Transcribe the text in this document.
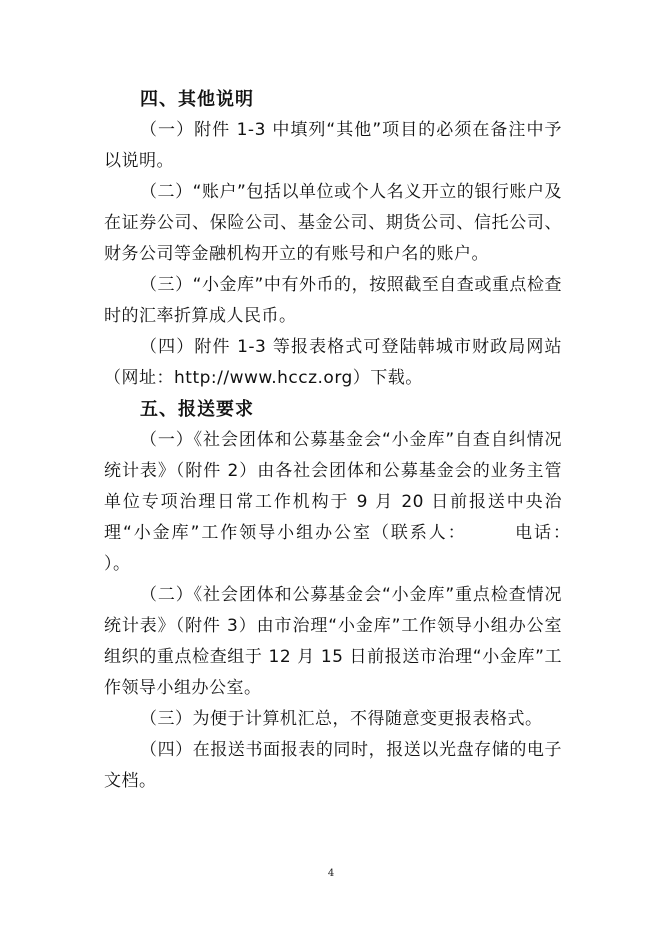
四、其他说明

（一）附件 1-3 中填列“其他”项目的必须在备注中予以说明。

（二）“账户”包括以单位或个人名义开立的银行账户及在证券公司、保险公司、基金公司、期货公司、信托公司、财务公司等金融机构开立的有账号和户名的账户。

（三）“小金库”中有外币的，按照截至自查或重点检查时的汇率折算成人民币。

（四）附件 1-3 等报表格式可登陆韩城市财政局网站（网址：http://www.hccz.org）下载。

五、报送要求

（一）《社会团体和公募基金会“小金库”自查自纠情况统计表》（附件 2）由各社会团体和公募基金会的业务主管单位专项治理日常工作机构于 9 月 20 日前报送中央治理“小金库”工作领导小组办公室（联系人：　　　电话：　　　　）。

（二）《社会团体和公募基金会“小金库”重点检查情况统计表》（附件 3）由市治理“小金库”工作领导小组办公室组织的重点检查组于 12 月 15 日前报送市治理“小金库”工作领导小组办公室。

（三）为便于计算机汇总，不得随意变更报表格式。

（四）在报送书面报表的同时，报送以光盘存储的电子文档。

4
